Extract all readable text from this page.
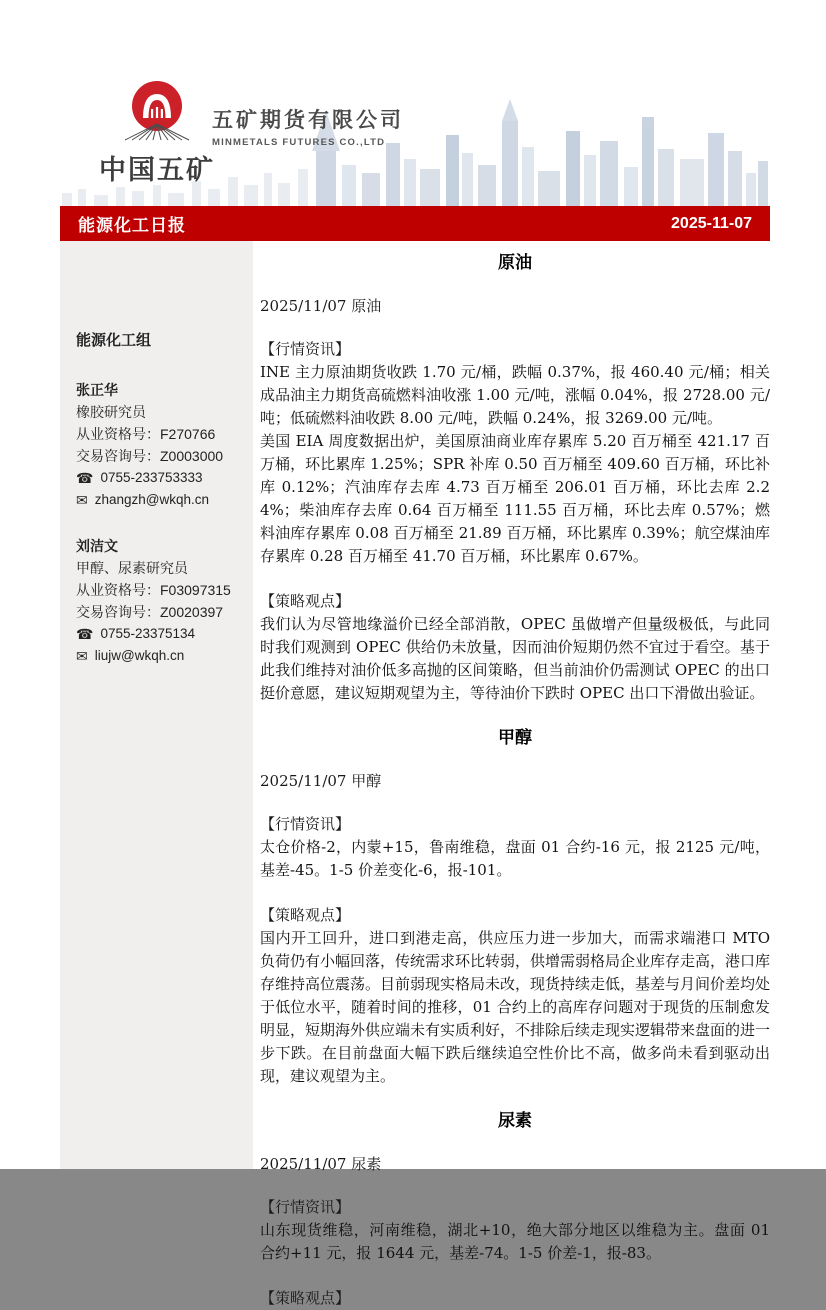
中国五矿
五矿期货有限公司
MINMETALS FUTURES CO.,LTD
能源化工日报	2025-11-07
能源化工组
张正华
橡胶研究员
从业资格号：F270766
交易咨询号：Z0003000
☎ 0755-233753333
✉ zhangzh@wkqh.cn
刘洁文
甲醇、尿素研究员
从业资格号：F03097315
交易咨询号：Z0020397
☎ 0755-23375134
✉ liujw@wkqh.cn
原油
2025/11/07 原油
【行情资讯】

INE 主力原油期货收跌 1.70 元/桶，跌幅 0.37%，报 460.40 元/桶；相关成品油主力期货高硫燃料油收涨 1.00 元/吨，涨幅 0.04%，报 2728.00 元/吨；低硫燃料油收跌 8.00 元/吨，跌幅 0.24%，报 3269.00 元/吨。

美国 EIA 周度数据出炉，美国原油商业库存累库 5.20 百万桶至 421.17 百万桶，环比累库 1.25%；SPR 补库 0.50 百万桶至 409.60 百万桶，环比补库 0.12%；汽油库存去库 4.73 百万桶至 206.01 百万桶，环比去库 2.24%；柴油库存去库 0.64 百万桶至 111.55 百万桶，环比去库 0.57%；燃料油库存累库 0.08 百万桶至 21.89 百万桶，环比累库 0.39%；航空煤油库存累库 0.28 百万桶至 41.70 百万桶，环比累库 0.67%。

【策略观点】

我们认为尽管地缘溢价已经全部消散，OPEC 虽做增产但量级极低，与此同时我们观测到 OPEC 供给仍未放量，因而油价短期仍然不宜过于看空。基于此我们维持对油价低多高抛的区间策略，但当前油价仍需测试 OPEC 的出口挺价意愿，建议短期观望为主，等待油价下跌时 OPEC 出口下滑做出验证。

甲醇
2025/11/07 甲醇
【行情资讯】

太仓价格-2，内蒙+15，鲁南维稳，盘面 01 合约-16 元，报 2125 元/吨，基差-45。1-5 价差变化-6，报-101。

【策略观点】

国内开工回升，进口到港走高，供应压力进一步加大，而需求端港口 MTO 负荷仍有小幅回落，传统需求环比转弱，供增需弱格局企业库存走高，港口库存维持高位震荡。目前弱现实格局未改，现货持续走低，基差与月间价差均处于低位水平，随着时间的推移，01 合约上的高库存问题对于现货的压制愈发明显，短期海外供应端未有实质利好，不排除后续走现实逻辑带来盘面的进一步下跌。在目前盘面大幅下跌后继续追空性价比不高，做多尚未看到驱动出现，建议观望为主。

尿素
2025/11/07 尿素
【行情资讯】

山东现货维稳，河南维稳，湖北+10，绝大部分地区以维稳为主。盘面 01 合约+11 元，报 1644 元，基差-74。1-5 价差-1，报-83。

【策略观点】
